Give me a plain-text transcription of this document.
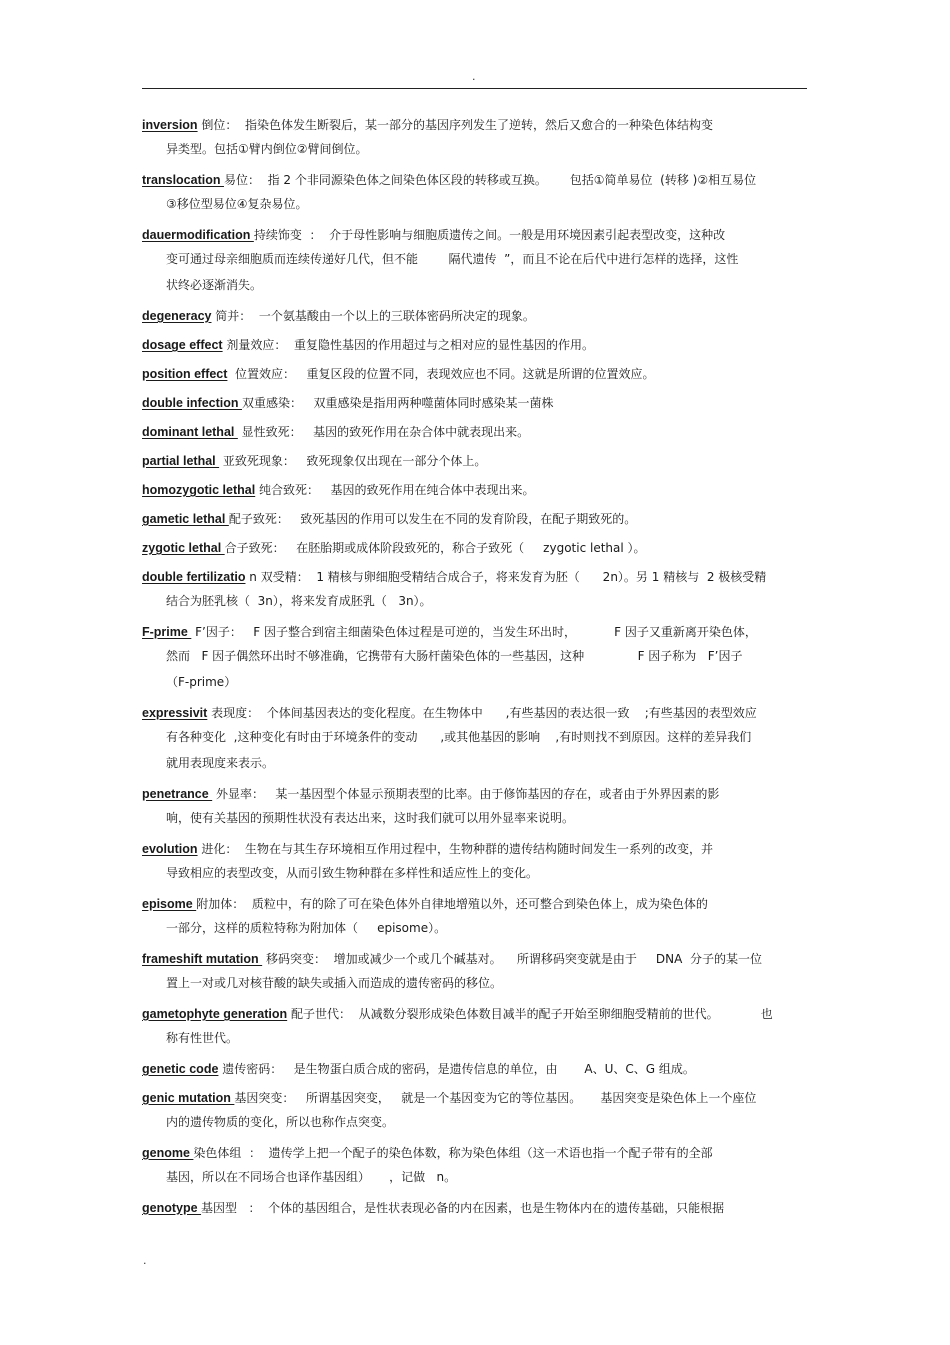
.
inversion 倒位：  指染色体发生断裂后，某一部分的基因序列发生了逆转，然后又愈合的一种染色体结构变
异类型。包括①臂内倒位②臂间倒位。
translocation 易位：  指 2 个非同源染色体之间染色体区段的转移或互换。      包括①简单易位  (转移 )②相互易位
③移位型易位④复杂易位。
dauermodification 持续饰变  ：  介于母性影响与细胞质遗传之间。一般是用环境因素引起表型改变，这种改
变可通过母亲细胞质而连续传递好几代，但不能        隔代遗传  ”，而且不论在后代中进行怎样的选择，这性
状终必逐渐消失。
degeneracy 简并：  一个氨基酸由一个以上的三联体密码所决定的现象。
dosage effect 剂量效应：  重复隐性基因的作用超过与之相对应的显性基因的作用。
position effect  位置效应：   重复区段的位置不同，表现效应也不同。这就是所谓的位置效应。
double infection 双重感染：   双重感染是指用两种噬菌体同时感染某一菌株
dominant lethal  显性致死：   基因的致死作用在杂合体中就表现出来。
partial lethal  亚致死现象：   致死现象仅出现在一部分个体上。
homozygotic lethal 纯合致死：   基因的致死作用在纯合体中表现出来。
gametic lethal 配子致死：   致死基因的作用可以发生在不同的发育阶段，在配子期致死的。
zygotic lethal 合子致死：   在胚胎期或成体阶段致死的，称合子致死（     zygotic lethal ）。
double fertilizatio n 双受精：  1 精核与卵细胞受精结合成合子，将来发育为胚（      2n）。另 1 精核与  2 极核受精
结合为胚乳核（  3n），将来发育成胚乳（   3n）。
F-prime  F’因子：   F 因子整合到宿主细菌染色体过程是可逆的，当发生环出时，          F 因子又重新离开染色体，
然而   F 因子偶然环出时不够准确，它携带有大肠杆菌染色体的一些基因，这种              F 因子称为   F’因子
（F-prime）
expressivit 表现度：  个体间基因表达的变化程度。在生物体中      ,有些基因的表达很一致    ;有些基因的表型效应
有各种变化  ,这种变化有时由于环境条件的变动      ,或其他基因的影响    ,有时则找不到原因。这样的差异我们
就用表现度来表示。
penetrance  外显率：   某一基因型个体显示预期表型的比率。由于修饰基因的存在，或者由于外界因素的影
响，使有关基因的预期性状没有表达出来，这时我们就可以用外显率来说明。
evolution 进化：  生物在与其生存环境相互作用过程中，生物种群的遗传结构随时间发生一系列的改变，并
导致相应的表型改变，从而引致生物种群在多样性和适应性上的变化。
episome 附加体：  质粒中，有的除了可在染色体外自律地增殖以外，还可整合到染色体上，成为染色体的
一部分，这样的质粒特称为附加体（     episome）。
frameshift mutation  移码突变：  增加或减少一个或几个碱基对。    所谓移码突变就是由于     DNA  分子的某一位
置上一对或几对核苷酸的缺失或插入而造成的遗传密码的移位。
gametophyte generation 配子世代：  从减数分裂形成染色体数目减半的配子开始至卵细胞受精前的世代。           也
称有性世代。
genetic code 遗传密码：   是生物蛋白质合成的密码，是遗传信息的单位，由       A、U、C、G 组成。
genic mutation 基因突变：   所谓基因突变，   就是一个基因变为它的等位基因。     基因突变是染色体上一个座位
内的遗传物质的变化，所以也称作点突变。
genome 染色体组  ：  遗传学上把一个配子的染色体数，称为染色体组（这一术语也指一个配子带有的全部
基因，所以在不同场合也译作基因组）     ，记做   n。
genotype 基因型   ：  个体的基因组合，是性状表现必备的内在因素，也是生物体内在的遗传基础，只能根据
.
